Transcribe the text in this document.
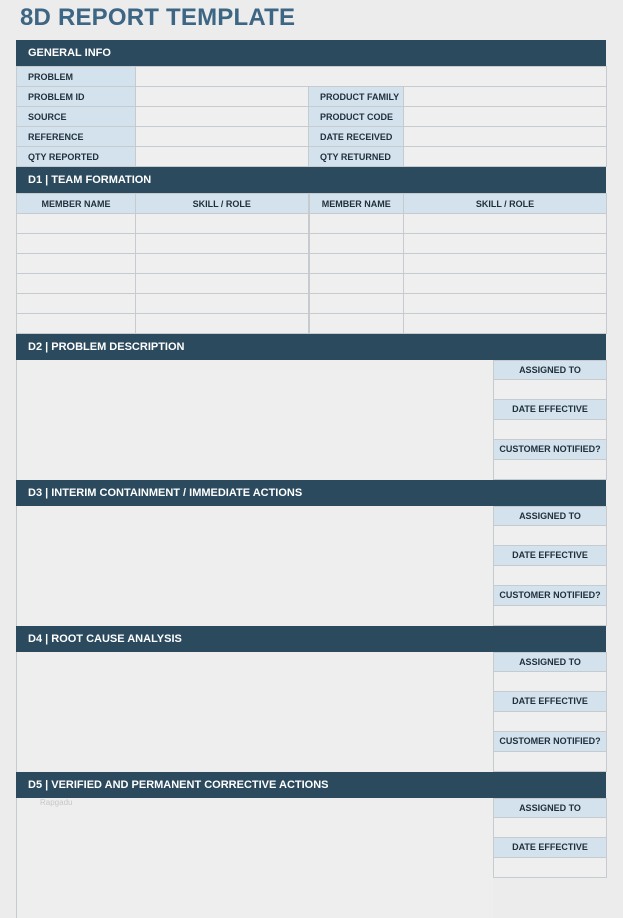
8D REPORT TEMPLATE
GENERAL INFO
PROBLEM			
PROBLEM ID		PRODUCT FAMILY	
SOURCE		PRODUCT CODE	
REFERENCE		DATE RECEIVED	
QTY REPORTED		QTY RETURNED	
D1 | TEAM FORMATION
MEMBER NAME	SKILL / ROLE	MEMBER NAME	SKILL / ROLE

D2 | PROBLEM DESCRIPTION
ASSIGNED TO
DATE EFFECTIVE
CUSTOMER NOTIFIED?
D3 | INTERIM CONTAINMENT / IMMEDIATE ACTIONS
ASSIGNED TO
DATE EFFECTIVE
CUSTOMER NOTIFIED?
D4 | ROOT CAUSE ANALYSIS
ASSIGNED TO
DATE EFFECTIVE
CUSTOMER NOTIFIED?
D5 | VERIFIED AND PERMANENT CORRECTIVE ACTIONS
ASSIGNED TO
DATE EFFECTIVE
Rapgadu
